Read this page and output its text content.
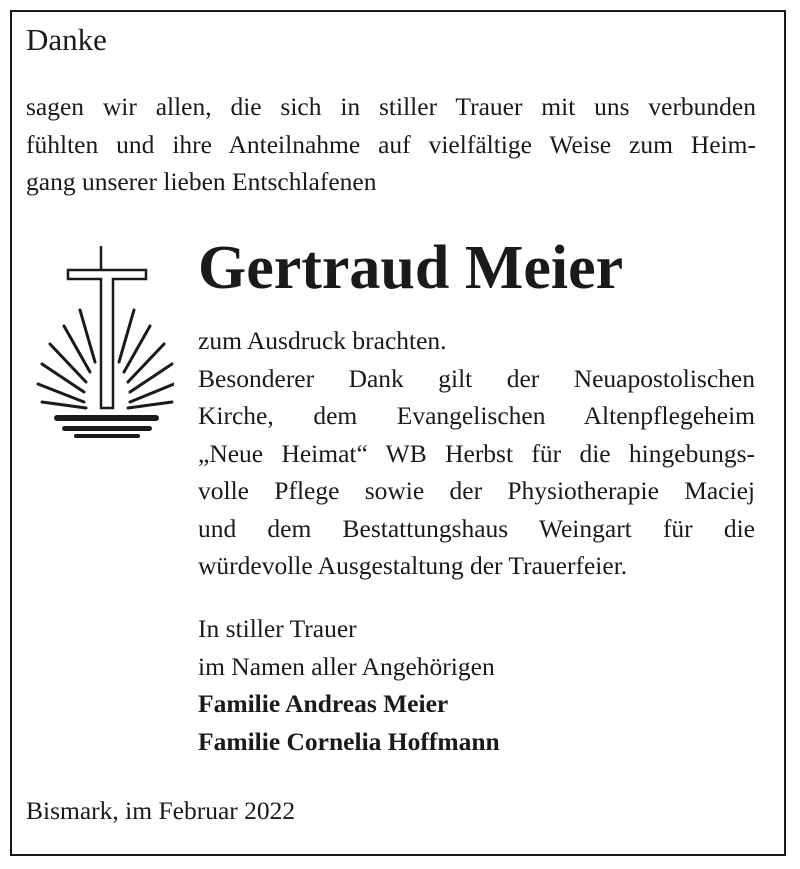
Danke
sagen wir allen, die sich in stiller Trauer mit uns verbunden
fühlten und ihre Anteilnahme auf vielfältige Weise zum Heim-
gang unserer lieben Entschlafenen
Gertraud Meier
zum Ausdruck brachten.
Besonderer Dank gilt der Neuapostolischen
Kirche, dem Evangelischen Altenpflegeheim
„Neue Heimat“ WB Herbst für die hingebungs-
volle Pflege sowie der Physiotherapie Maciej
und dem Bestattungshaus Weingart für die
würdevolle Ausgestaltung der Trauerfeier.
In stiller Trauer
im Namen aller Angehörigen
Familie Andreas Meier
Familie Cornelia Hoffmann
Bismark, im Februar 2022
